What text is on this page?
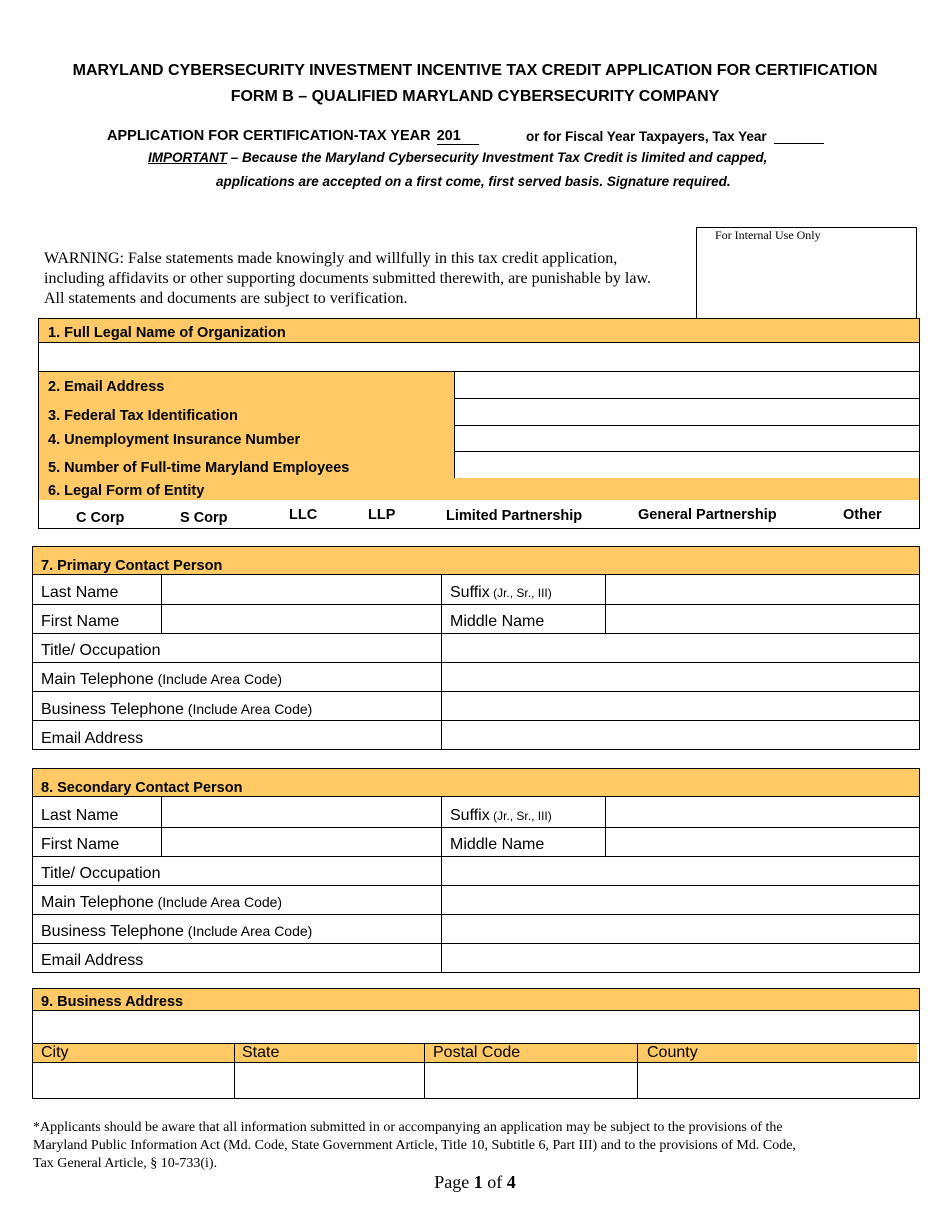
MARYLAND CYBERSECURITY INVESTMENT INCENTIVE TAX CREDIT APPLICATION FOR CERTIFICATION
FORM B – QUALIFIED MARYLAND CYBERSECURITY COMPANY
APPLICATION FOR CERTIFICATION-TAX YEAR 201	or for Fiscal Year Taxpayers, Tax Year
IMPORTANT – Because the Maryland Cybersecurity Investment Tax Credit is limited and capped,
applications are accepted on a first come, first served basis. Signature required.
WARNING: False statements made knowingly and willfully in this tax credit application,
including affidavits or other supporting documents submitted therewith, are punishable by law.
All statements and documents are subject to verification.
For Internal Use Only
1. Full Legal Name of Organization
2. Email Address
3. Federal Tax Identification
4. Unemployment Insurance Number
5. Number of Full-time Maryland Employees
6. Legal Form of Entity
C Corp	S Corp	LLC	LLP	Limited Partnership	General Partnership	Other
7. Primary Contact Person
Last Name	Suffix (Jr., Sr., III)
First Name	Middle Name
Title/ Occupation
Main Telephone (Include Area Code)
Business Telephone (Include Area Code)
Email Address
8. Secondary Contact Person
Last Name	Suffix (Jr., Sr., III)
First Name	Middle Name
Title/ Occupation
Main Telephone (Include Area Code)
Business Telephone (Include Area Code)
Email Address
9. Business Address
City	State	Postal Code	County
*Applicants should be aware that all information submitted in or accompanying an application may be subject to the provisions of the
Maryland Public Information Act (Md. Code, State Government Article, Title 10, Subtitle 6, Part III) and to the provisions of Md. Code,
Tax General Article, § 10-733(i).
Page 1 of 4
